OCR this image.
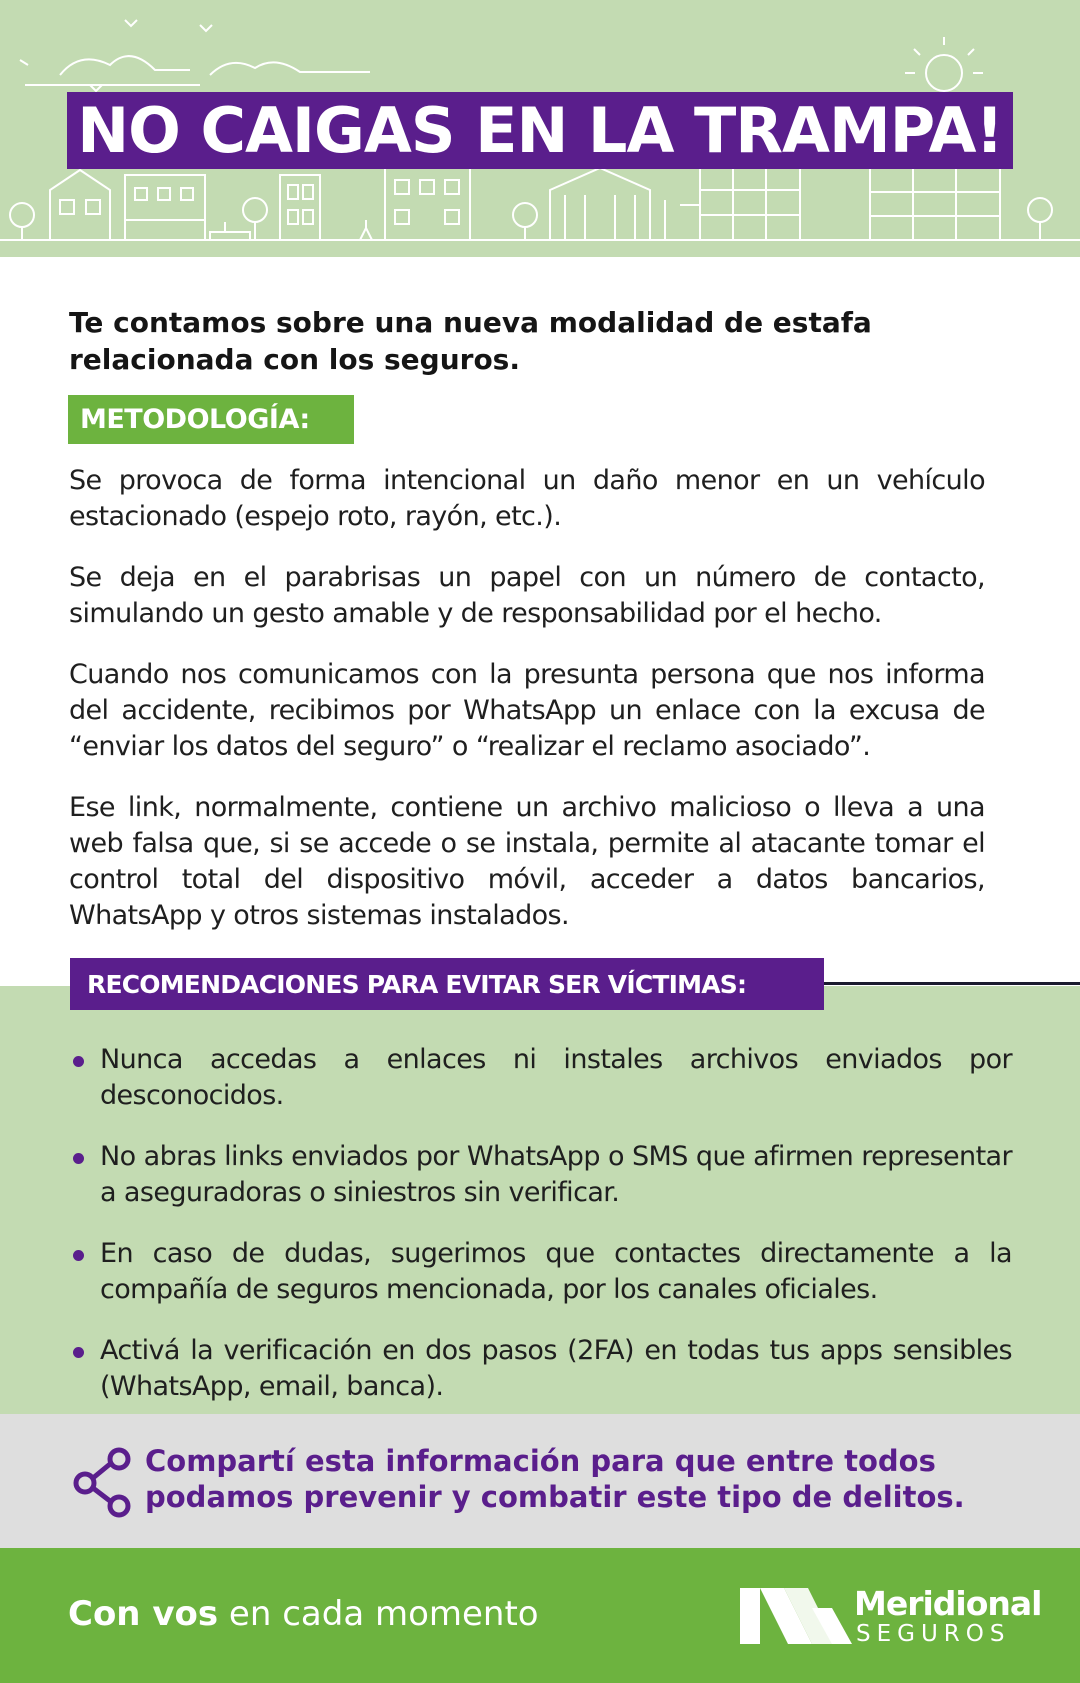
NO CAIGAS EN LA TRAMPA!
Te contamos sobre una nueva modalidad de estafa relacionada con los seguros.
METODOLOGÍA:

Se provoca de forma intencional un daño menor en un vehículo estacionado (espejo roto, rayón, etc.).

Se deja en el parabrisas un papel con un número de contacto, simulando un gesto amable y de responsabilidad por el hecho.

Cuando nos comunicamos con la presunta persona que nos informa del accidente, recibimos por WhatsApp un enlace con la excusa de “enviar los datos del seguro” o “realizar el reclamo asociado”.

Ese link, normalmente, contiene un archivo malicioso o lleva a una web falsa que, si se accede o se instala, permite al atacante tomar el control total del dispositivo móvil, acceder a datos bancarios, WhatsApp y otros sistemas instalados.

RECOMENDACIONES PARA EVITAR SER VÍCTIMAS:
Nunca accedas a enlaces ni instales archivos enviados por desconocidos.
No abras links enviados por WhatsApp o SMS que afirmen representar a aseguradoras o siniestros sin verificar.
En caso de dudas, sugerimos que contactes directamente a la compañía de seguros mencionada, por los canales oficiales.
Activá la verificación en dos pasos (2FA) en todas tus apps sensibles (WhatsApp, email, banca).
Compartí esta información para que entre todos podamos prevenir y combatir este tipo de delitos.
Con vos en cada momento	Meridional
SEGUROS
